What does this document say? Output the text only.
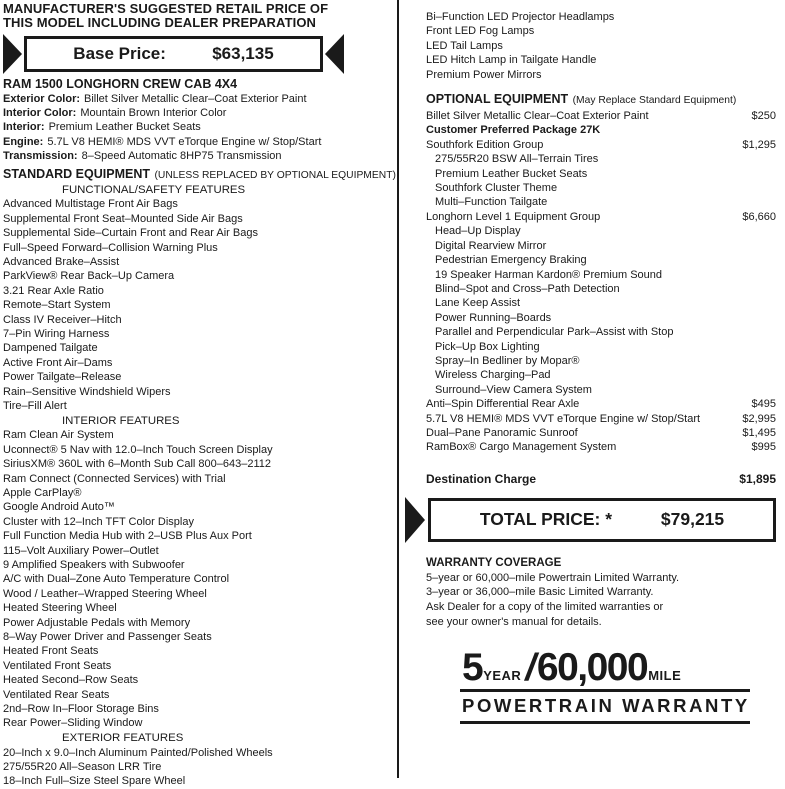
MANUFACTURER'S SUGGESTED RETAIL PRICE OF
THIS MODEL INCLUDING DEALER PREPARATION
Base Price:	$63,135
RAM 1500 LONGHORN CREW CAB 4X4
Exterior Color: Billet Silver Metallic Clear–Coat Exterior Paint
Interior Color: Mountain Brown Interior Color
Interior: Premium Leather Bucket Seats
Engine: 5.7L V8 HEMI® MDS VVT eTorque Engine w/ Stop/Start
Transmission: 8–Speed Automatic 8HP75 Transmission
STANDARD EQUIPMENT (UNLESS REPLACED BY OPTIONAL EQUIPMENT)
FUNCTIONAL/SAFETY FEATURES
Advanced Multistage Front Air Bags
Supplemental Front Seat–Mounted Side Air Bags
Supplemental Side–Curtain Front and Rear Air Bags
Full–Speed Forward–Collision Warning Plus
Advanced Brake–Assist
ParkView® Rear Back–Up Camera
3.21 Rear Axle Ratio
Remote–Start System
Class IV Receiver–Hitch
7–Pin Wiring Harness
Dampened Tailgate
Active Front Air–Dams
Power Tailgate–Release
Rain–Sensitive Windshield Wipers
Tire–Fill Alert
INTERIOR FEATURES
Ram Clean Air System
Uconnect® 5 Nav with 12.0–Inch Touch Screen Display
SiriusXM® 360L with 6–Month Sub Call 800–643–2112
Ram Connect (Connected Services) with Trial
Apple CarPlay®
Google Android Auto™
Cluster with 12–Inch TFT Color Display
Full Function Media Hub with 2–USB Plus Aux Port
115–Volt Auxiliary Power–Outlet
9 Amplified Speakers with Subwoofer
A/C with Dual–Zone Auto Temperature Control
Wood / Leather–Wrapped Steering Wheel
Heated Steering Wheel
Power Adjustable Pedals with Memory
8–Way Power Driver and Passenger Seats
Heated Front Seats
Ventilated Front Seats
Heated Second–Row Seats
Ventilated Rear Seats
2nd–Row In–Floor Storage Bins
Rear Power–Sliding Window
EXTERIOR FEATURES
20–Inch x 9.0–Inch Aluminum Painted/Polished Wheels
275/55R20 All–Season LRR Tire
18–Inch Full–Size Steel Spare Wheel
Bi–Function LED Projector Headlamps
Front LED Fog Lamps
LED Tail Lamps
LED Hitch Lamp in Tailgate Handle
Premium Power Mirrors
OPTIONAL EQUIPMENT (May Replace Standard Equipment)
Billet Silver Metallic Clear–Coat Exterior Paint	$250
Customer Preferred Package 27K
Southfork Edition Group	$1,295
275/55R20 BSW All–Terrain Tires
Premium Leather Bucket Seats
Southfork Cluster Theme
Multi–Function Tailgate
Longhorn Level 1 Equipment Group	$6,660
Head–Up Display
Digital Rearview Mirror
Pedestrian Emergency Braking
19 Speaker Harman Kardon® Premium Sound
Blind–Spot and Cross–Path Detection
Lane Keep Assist
Power Running–Boards
Parallel and Perpendicular Park–Assist with Stop
Pick–Up Box Lighting
Spray–In Bedliner by Mopar®
Wireless Charging–Pad
Surround–View Camera System
Anti–Spin Differential Rear Axle	$495
5.7L V8 HEMI® MDS VVT eTorque Engine w/ Stop/Start	$2,995
Dual–Pane Panoramic Sunroof	$1,495
RamBox® Cargo Management System	$995
Destination Charge	$1,895
TOTAL PRICE: *	$79,215
WARRANTY COVERAGE
5–year or 60,000–mile Powertrain Limited Warranty.
3–year or 36,000–mile Basic Limited Warranty.
Ask Dealer for a copy of the limited warranties or
see your owner's manual for details.
5 YEAR / 60,000 MILE
POWERTRAIN WARRANTY
